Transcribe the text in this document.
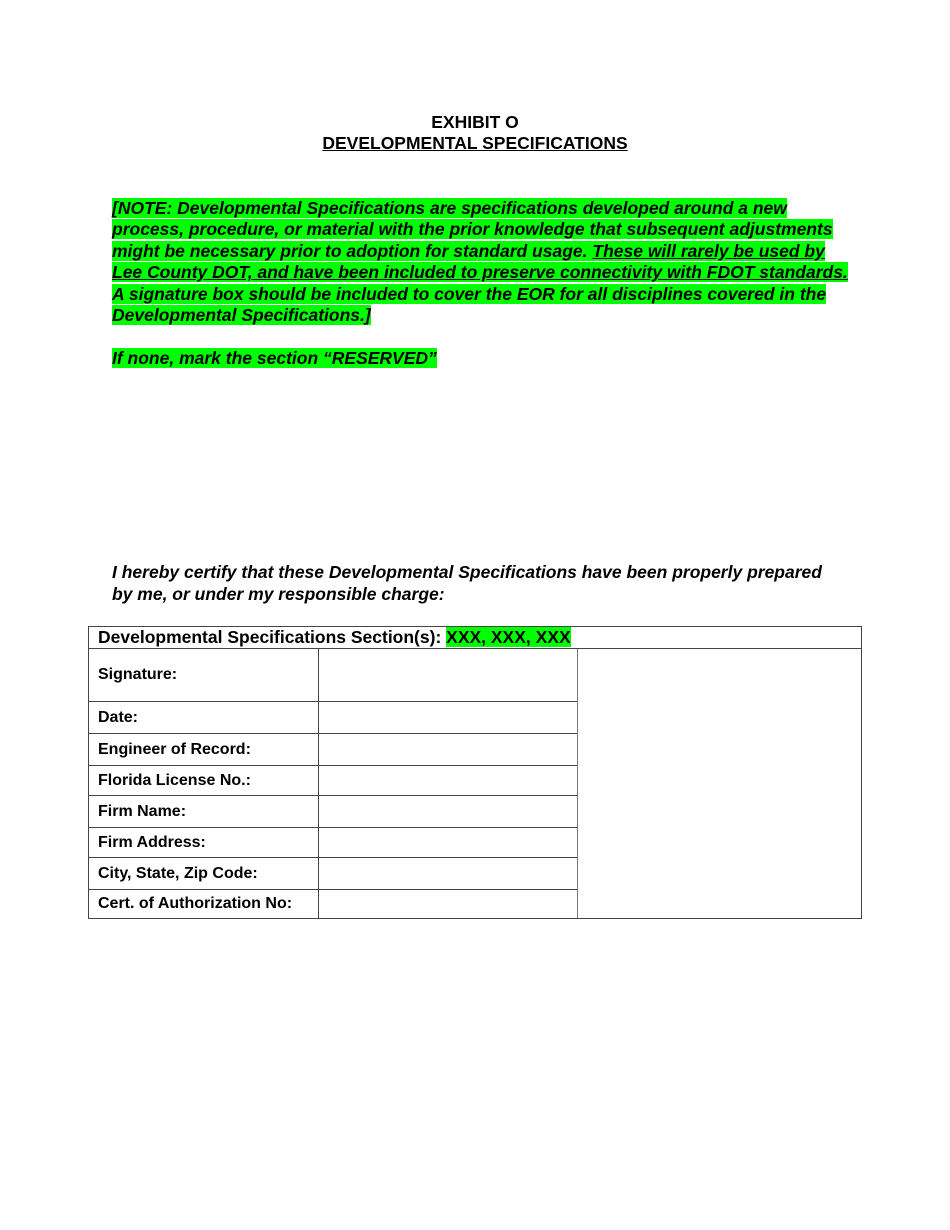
EXHIBIT O
DEVELOPMENTAL SPECIFICATIONS
[NOTE: Developmental Specifications are specifications developed around a new process, procedure, or material with the prior knowledge that subsequent adjustments might be necessary prior to adoption for standard usage. These will rarely be used by Lee County DOT, and have been included to preserve connectivity with FDOT standards. A signature box should be included to cover the EOR for all disciplines covered in the Developmental Specifications.]
If none, mark the section “RESERVED”
I hereby certify that these Developmental Specifications have been properly prepared by me, or under my responsible charge:
Developmental Specifications Section(s): XXX, XXX, XXX
Signature:
Date:
Engineer of Record:
Florida License No.:
Firm Name:
Firm Address:
City, State, Zip Code:
Cert. of Authorization No:
